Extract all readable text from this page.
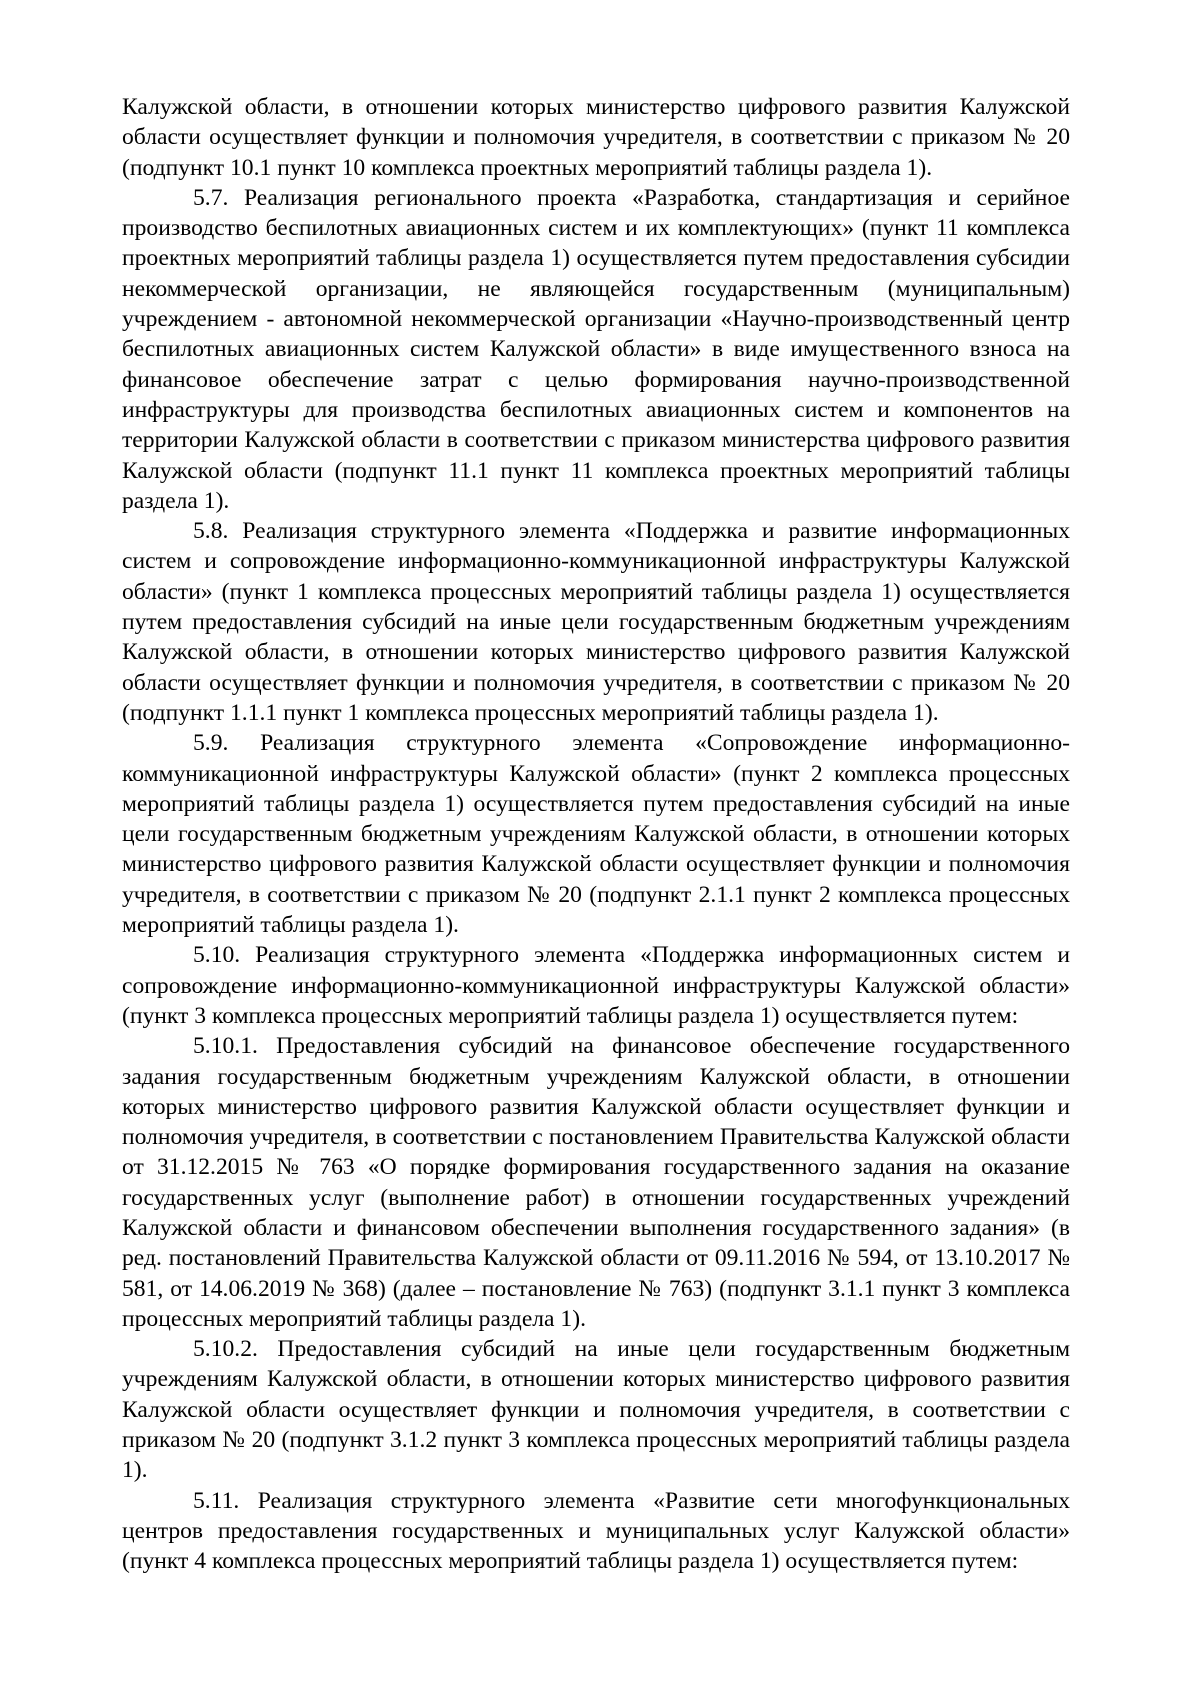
Калужской области, в отношении которых министерство цифрового развития Калужской области осуществляет функции и полномочия учредителя, в соответствии с приказом № 20 (подпункт 10.1 пункт 10 комплекса проектных мероприятий таблицы раздела 1).

5.7. Реализация регионального проекта «Разработка, стандартизация и серийное производство беспилотных авиационных систем и их комплектующих» (пункт 11 комплекса проектных мероприятий таблицы раздела 1) осуществляется путем предоставления субсидии некоммерческой организации, не являющейся государственным (муниципальным) учреждением - автономной некоммерческой организации «Научно-производственный центр беспилотных авиационных систем Калужской области» в виде имущественного взноса на финансовое обеспечение затрат с целью формирования научно-производственной инфраструктуры для производства беспилотных авиационных систем и компонентов на территории Калужской области в соответствии с приказом министерства цифрового развития Калужской области (подпункт 11.1 пункт 11 комплекса проектных мероприятий таблицы раздела 1).

5.8. Реализация структурного элемента «Поддержка и развитие информационных систем и сопровождение информационно-коммуникационной инфраструктуры Калужской области» (пункт 1 комплекса процессных мероприятий таблицы раздела 1) осуществляется путем предоставления субсидий на иные цели государственным бюджетным учреждениям Калужской области, в отношении которых министерство цифрового развития Калужской области осуществляет функции и полномочия учредителя, в соответствии с приказом № 20 (подпункт 1.1.1 пункт 1 комплекса процессных мероприятий таблицы раздела 1).

5.9. Реализация структурного элемента «Сопровождение информационно-коммуникационной инфраструктуры Калужской области» (пункт 2 комплекса процессных мероприятий таблицы раздела 1) осуществляется путем предоставления субсидий на иные цели государственным бюджетным учреждениям Калужской области, в отношении которых министерство цифрового развития Калужской области осуществляет функции и полномочия учредителя, в соответствии с приказом № 20 (подпункт 2.1.1 пункт 2 комплекса процессных мероприятий таблицы раздела 1).

5.10. Реализация структурного элемента «Поддержка информационных систем и сопровождение информационно-коммуникационной инфраструктуры Калужской области» (пункт 3 комплекса процессных мероприятий таблицы раздела 1) осуществляется путем:

5.10.1. Предоставления субсидий на финансовое обеспечение государственного задания государственным бюджетным учреждениям Калужской области, в отношении которых министерство цифрового развития Калужской области осуществляет функции и полномочия учредителя, в соответствии с постановлением Правительства Калужской области от 31.12.2015 № 763 «О порядке формирования государственного задания на оказание государственных услуг (выполнение работ) в отношении государственных учреждений Калужской области и финансовом обеспечении выполнения государственного задания» (в ред. постановлений Правительства Калужской области от 09.11.2016 № 594, от 13.10.2017 № 581, от 14.06.2019 № 368) (далее – постановление № 763) (подпункт 3.1.1 пункт 3 комплекса процессных мероприятий таблицы раздела 1).

5.10.2. Предоставления субсидий на иные цели государственным бюджетным учреждениям Калужской области, в отношении которых министерство цифрового развития Калужской области осуществляет функции и полномочия учредителя, в соответствии с приказом № 20 (подпункт 3.1.2 пункт 3 комплекса процессных мероприятий таблицы раздела 1).

5.11. Реализация структурного элемента «Развитие сети многофункциональных центров предоставления государственных и муниципальных услуг Калужской области» (пункт 4 комплекса процессных мероприятий таблицы раздела 1) осуществляется путем:
